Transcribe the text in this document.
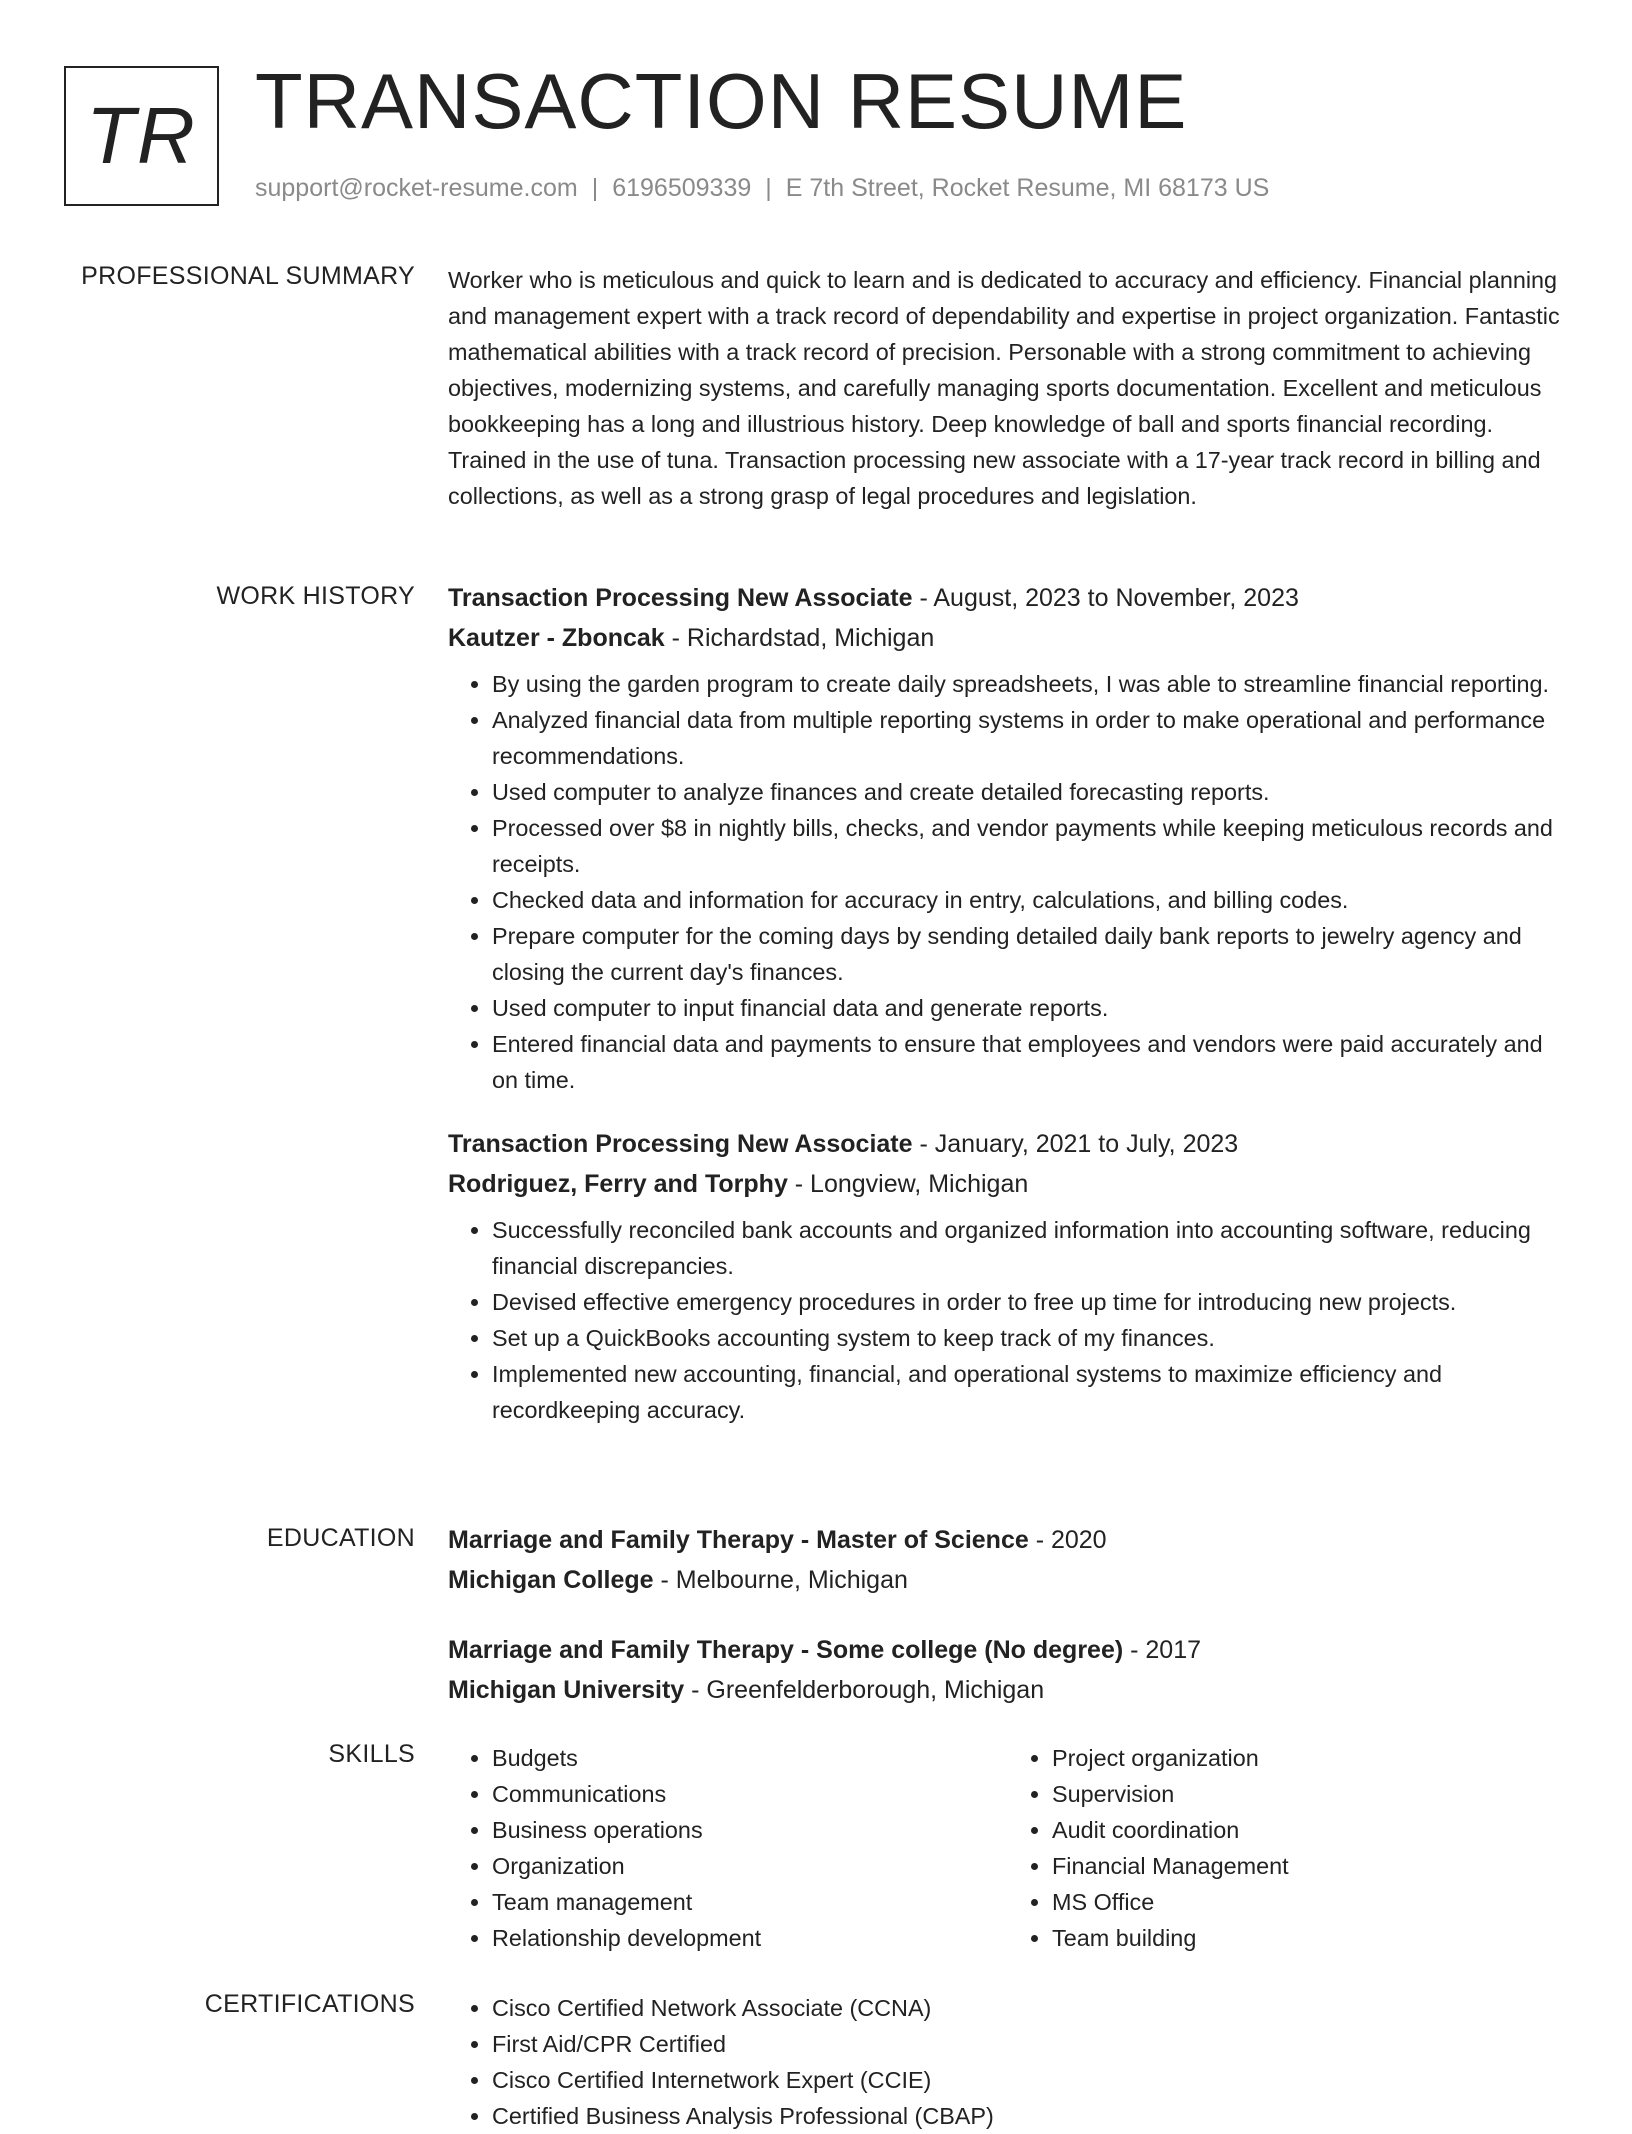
TR TRANSACTION RESUME
support@rocket-resume.com | 6196509339 | E 7th Street, Rocket Resume, MI 68173 US
PROFESSIONAL SUMMARY Worker who is meticulous and quick to learn and is dedicated to accuracy and efficiency. Financial planning and management expert with a track record of dependability and expertise in project organization. Fantastic mathematical abilities with a track record of precision. Personable with a strong commitment to achieving objectives, modernizing systems, and carefully managing sports documentation. Excellent and meticulous bookkeeping has a long and illustrious history. Deep knowledge of ball and sports financial recording. Trained in the use of tuna. Transaction processing new associate with a 17-year track record in billing and collections, as well as a strong grasp of legal procedures and legislation.

WORK HISTORY Transaction Processing New Associate - August, 2023 to November, 2023
Kautzer - Zboncak - Richardstad, Michigan
• By using the garden program to create daily spreadsheets, I was able to streamline financial reporting.
• Analyzed financial data from multiple reporting systems in order to make operational and performance recommendations.
• Used computer to analyze finances and create detailed forecasting reports.
• Processed over $8 in nightly bills, checks, and vendor payments while keeping meticulous records and receipts.
• Checked data and information for accuracy in entry, calculations, and billing codes.
• Prepare computer for the coming days by sending detailed daily bank reports to jewelry agency and closing the current day's finances.
• Used computer to input financial data and generate reports.
• Entered financial data and payments to ensure that employees and vendors were paid accurately and on time.
Transaction Processing New Associate - January, 2021 to July, 2023
Rodriguez, Ferry and Torphy - Longview, Michigan
• Successfully reconciled bank accounts and organized information into accounting software, reducing financial discrepancies.
• Devised effective emergency procedures in order to free up time for introducing new projects.
• Set up a QuickBooks accounting system to keep track of my finances.
• Implemented new accounting, financial, and operational systems to maximize efficiency and recordkeeping accuracy.
EDUCATION Marriage and Family Therapy - Master of Science - 2020
Michigan College - Melbourne, Michigan
Marriage and Family Therapy - Some college (No degree) - 2017
Michigan University - Greenfelderborough, Michigan
SKILLS	• Budgets
• Communications
• Business operations
• Organization
• Team management
• Relationship development
• Project organization
• Supervision
• Audit coordination
• Financial Management
• MS Office
• Team building
CERTIFICATIONS	• Cisco Certified Network Associate (CCNA)
• First Aid/CPR Certified
• Cisco Certified Internetwork Expert (CCIE)
• Certified Business Analysis Professional (CBAP)
